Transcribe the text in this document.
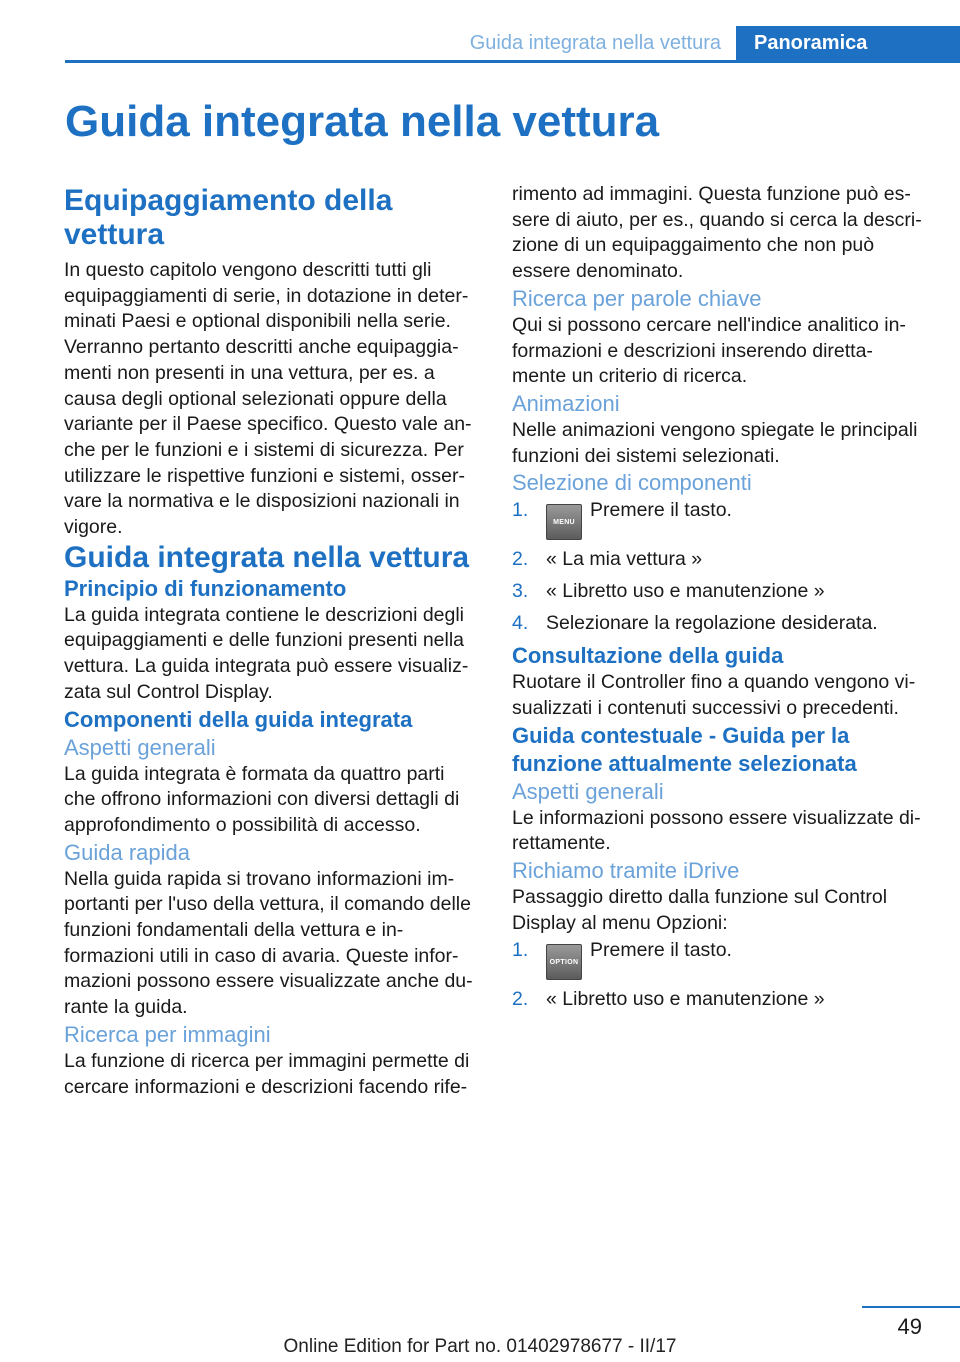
Guida integrata nella vettura	Panoramica
Guida integrata nella vettura
Equipaggiamento della vettura

In questo capitolo vengono descritti tutti gli equipaggiamenti di serie, in dotazione in deter-minati Paesi e optional disponibili nella serie. Verranno pertanto descritti anche equipaggia-menti non presenti in una vettura, per es. a causa degli optional selezionati oppure della variante per il Paese specifico. Questo vale an-che per le funzioni e i sistemi di sicurezza. Per utilizzare le rispettive funzioni e sistemi, osser-vare la normativa e le disposizioni nazionali in vigore.

Guida integrata nella vettura
Principio di funzionamento

La guida integrata contiene le descrizioni degli equipaggiamenti e delle funzioni presenti nella vettura. La guida integrata può essere visualiz-zata sul Control Display.

Componenti della guida integrata
Aspetti generali

La guida integrata è formata da quattro parti che offrono informazioni con diversi dettagli di approfondimento o possibilità di accesso.

Guida rapida

Nella guida rapida si trovano informazioni im-portanti per l'uso della vettura, il comando delle funzioni fondamentali della vettura e in-formazioni utili in caso di avaria. Queste infor-mazioni possono essere visualizzate anche du-rante la guida.

Ricerca per immagini

La funzione di ricerca per immagini permette di cercare informazioni e descrizioni facendo rife-

rimento ad immagini. Questa funzione può es-sere di aiuto, per es., quando si cerca la descri-zione di un equipaggaimento che non può essere denominato.

Ricerca per parole chiave

Qui si possono cercare nell'indice analitico in-formazioni e descrizioni inserendo diretta-mente un criterio di ricerca.

Animazioni

Nelle animazioni vengono spiegate le principali funzioni dei sistemi selezionati.

Selezione di componenti
1.
MENUPremere il tasto.
2. « La mia vettura »
3. « Libretto uso e manutenzione »
4. Selezionare la regolazione desiderata.
Consultazione della guida

Ruotare il Controller fino a quando vengono vi-sualizzati i contenuti successivi o precedenti.

Guida contestuale - Guida per la funzione attualmente selezionata
Aspetti generali

Le informazioni possono essere visualizzate di-rettamente.

Richiamo tramite iDrive

Passaggio diretto dalla funzione sul Control Display al menu Opzioni:

1.
OPTIONPremere il tasto.
2. « Libretto uso e manutenzione »
49
Online Edition for Part no. 01402978677 - II/17
